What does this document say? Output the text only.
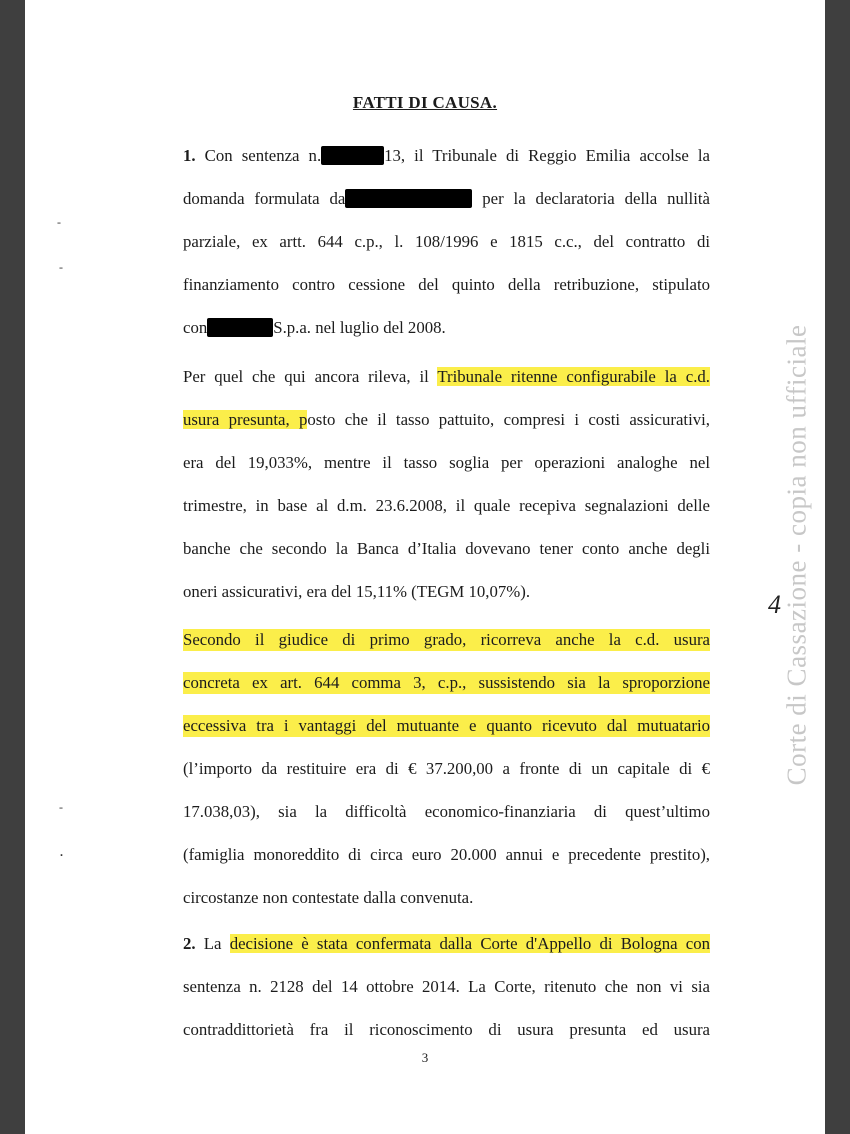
FATTI DI CAUSA.
1. Con sentenza n.	13, il Tribunale di Reggio Emilia accolse la
domanda formulata da	per la declaratoria della nullità
parziale, ex artt. 644 c.p., l. 108/1996 e 1815 c.c., del contratto di
finanziamento contro cessione del quinto della retribuzione, stipulato
con	S.p.a. nel luglio del 2008.
Per quel che qui ancora rileva, il Tribunale ritenne configurabile la c.d.
usura presunta, posto che il tasso pattuito, compresi i costi assicurativi,
era del 19,033%, mentre il tasso soglia per operazioni analoghe nel
trimestre, in base al d.m. 23.6.2008, il quale recepiva segnalazioni delle
banche che secondo la Banca d’Italia dovevano tener conto anche degli
oneri assicurativi, era del 15,11% (TEGM 10,07%).
Secondo il giudice di primo grado, ricorreva anche la c.d. usura
concreta ex art. 644 comma 3, c.p., sussistendo sia la sproporzione
eccessiva tra i vantaggi del mutuante e quanto ricevuto dal mutuatario
(l’importo da restituire era di € 37.200,00 a fronte di un capitale di €
17.038,03), sia la difficoltà economico-finanziaria di quest’ultimo
(famiglia monoreddito di circa euro 20.000 annui e precedente prestito),
circostanze non contestate dalla convenuta.
2. La decisione è stata confermata dalla Corte d'Appello di Bologna con
sentenza n. 2128 del 14 ottobre 2014. La Corte, ritenuto che non vi sia
contraddittorietà fra il riconoscimento di usura presunta ed usura
3
-
-
-
.
Corte di Cassazione - copia non ufficiale
4
